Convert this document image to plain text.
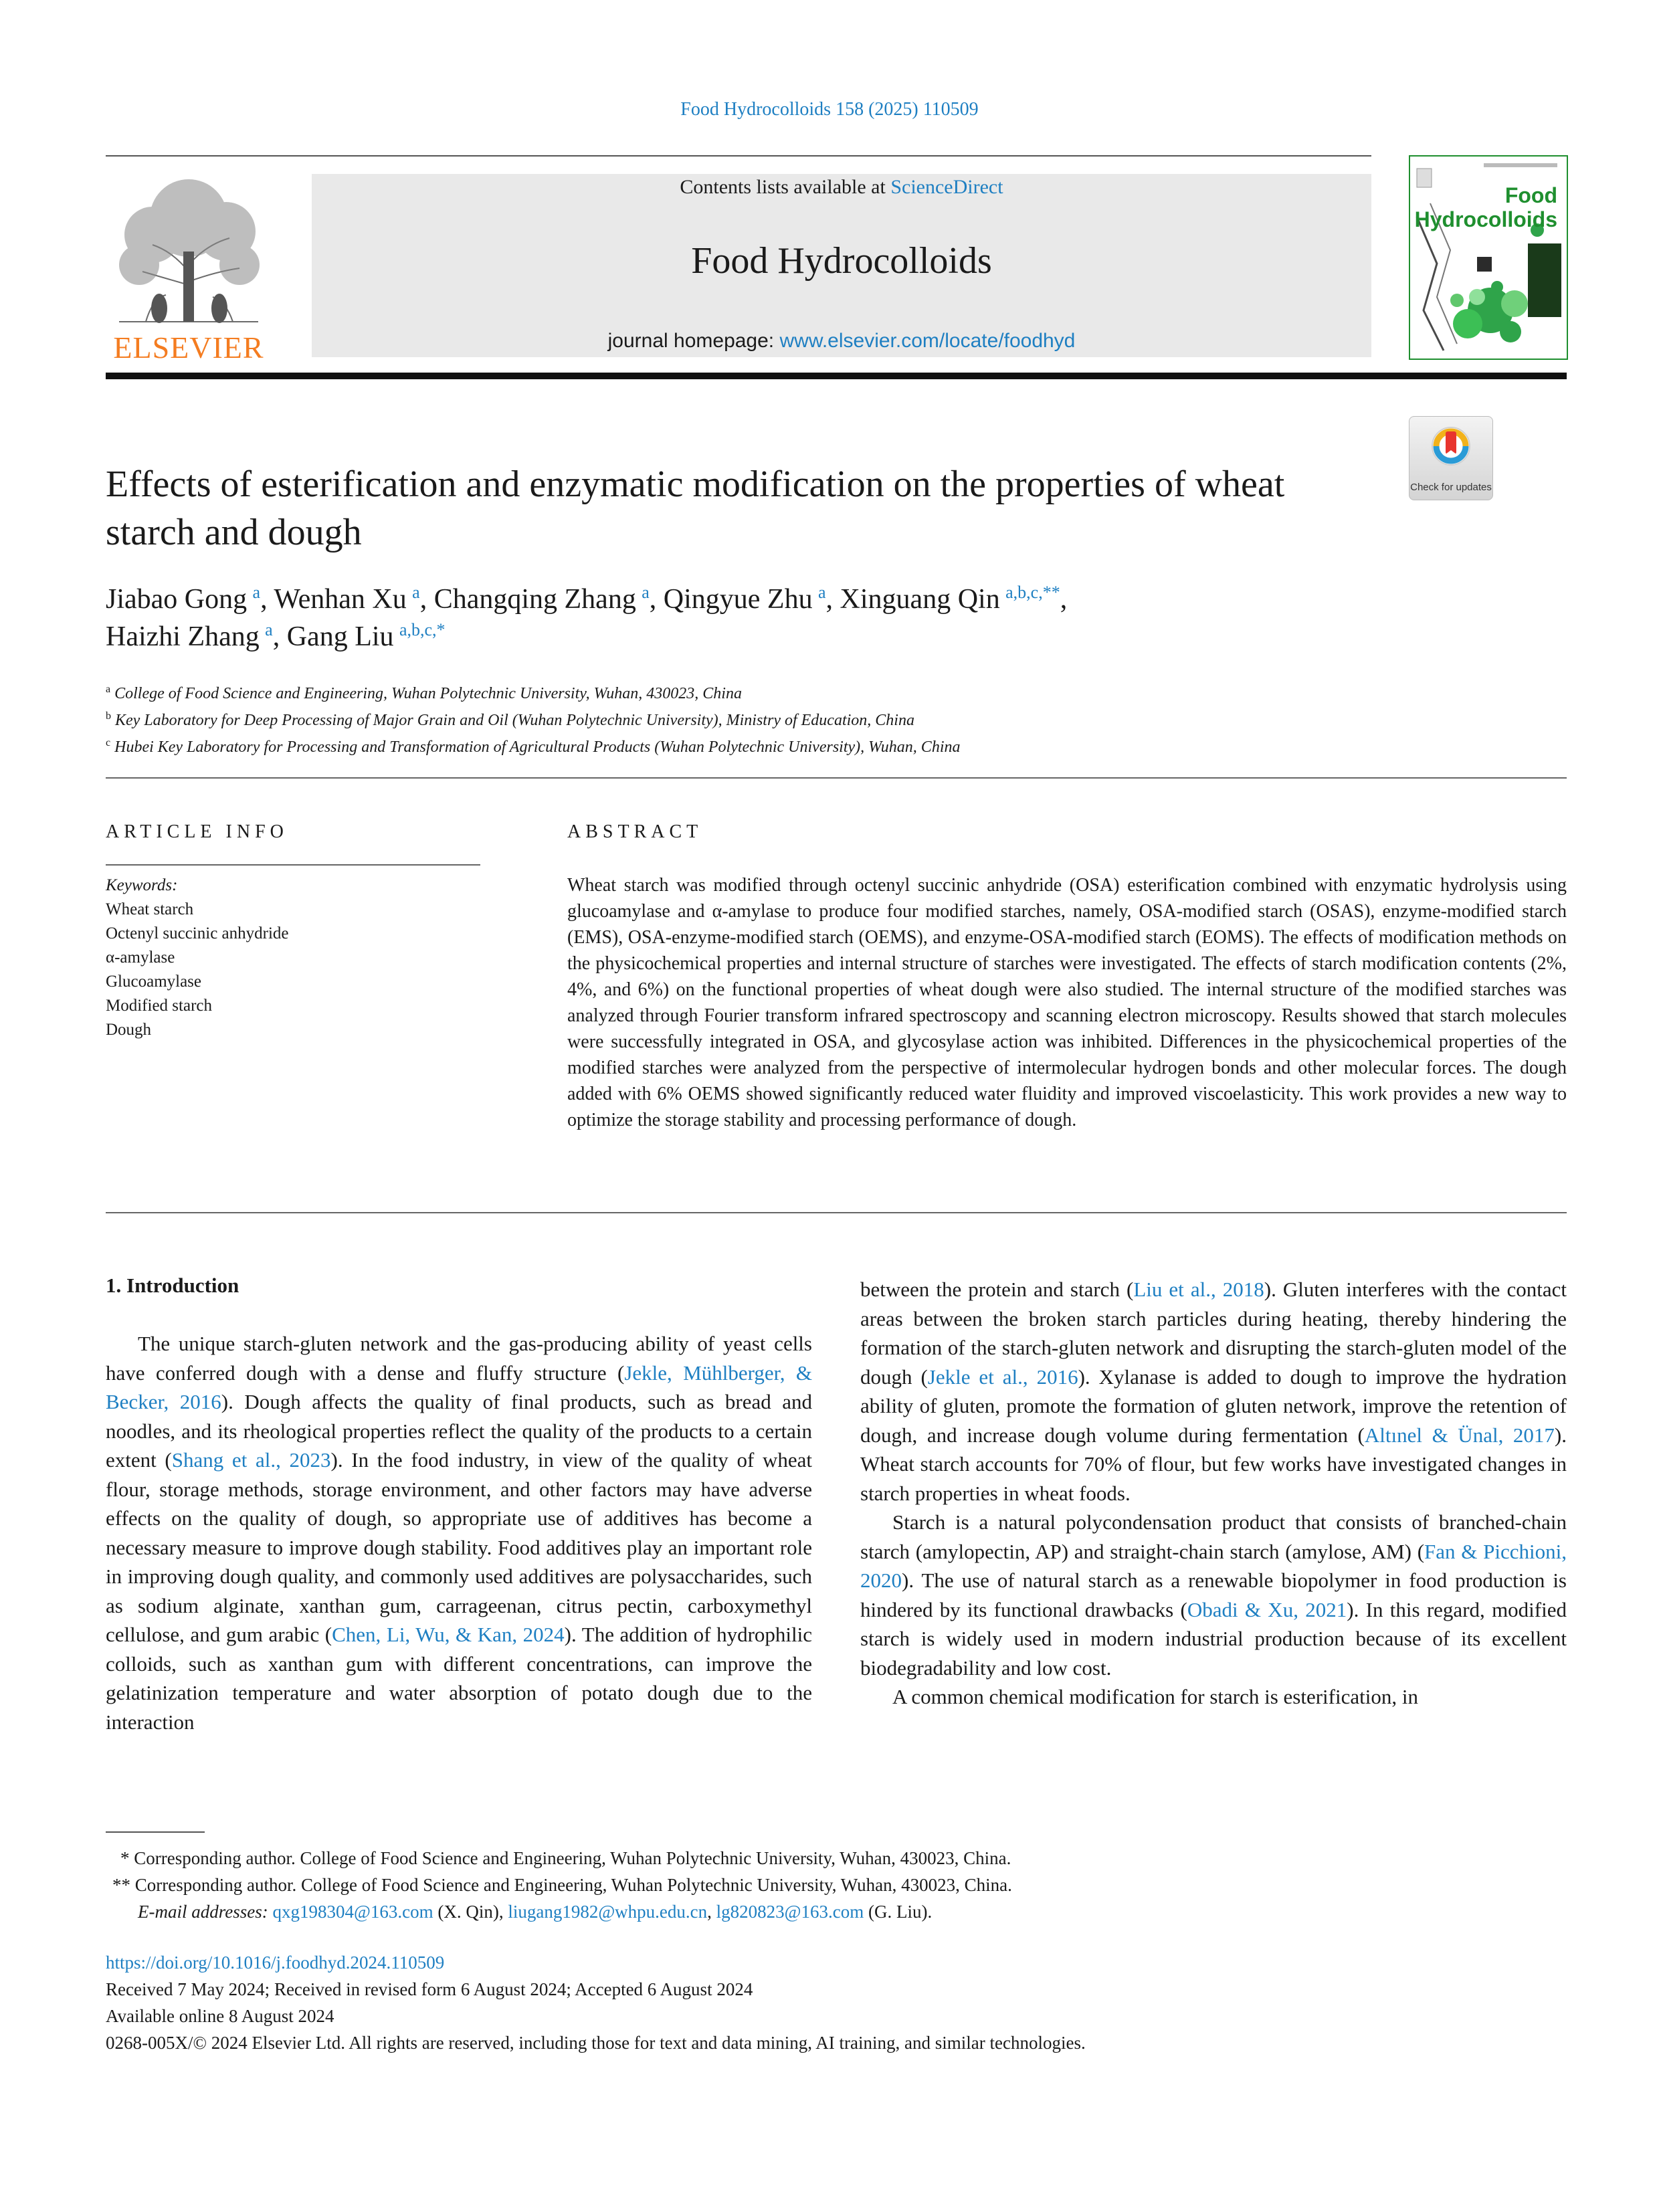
Food Hydrocolloids 158 (2025) 110509
ELSEVIER
Contents lists available at ScienceDirect
Food Hydrocolloids
journal homepage: www.elsevier.com/locate/foodhyd
Food
Hydrocolloids
Check for updates
Effects of esterification and enzymatic modification on the properties of wheat starch and dough
Jiabao Gong $^a$, Wenhan Xu $^a$, Changqing Zhang $^a$, Qingyue Zhu $^a$, Xinguang Qin $^{a,b,c,**}$,
Haizhi Zhang $^a$, Gang Liu $^{a,b,c,*}$
$^a$ College of Food Science and Engineering, Wuhan Polytechnic University, Wuhan, 430023, China
$^b$ Key Laboratory for Deep Processing of Major Grain and Oil (Wuhan Polytechnic University), Ministry of Education, China
$^c$ Hubei Key Laboratory for Processing and Transformation of Agricultural Products (Wuhan Polytechnic University), Wuhan, China
ARTICLE INFO	ABSTRACT
Keywords:
Wheat starch
Octenyl succinic anhydride
α-amylase
Glucoamylase
Modified starch
Dough
Wheat starch was modified through octenyl succinic anhydride (OSA) esterification combined with enzymatic hydrolysis using glucoamylase and α-amylase to produce four modified starches, namely, OSA-modified starch (OSAS), enzyme-modified starch (EMS), OSA-enzyme-modified starch (OEMS), and enzyme-OSA-modified starch (EOMS). The effects of modification methods on the physicochemical properties and internal structure of starches were investigated. The effects of starch modification contents (2%, 4%, and 6%) on the functional properties of wheat dough were also studied. The internal structure of the modified starches was analyzed through Fourier transform infrared spectroscopy and scanning electron microscopy. Results showed that starch molecules were successfully integrated in OSA, and glycosylase action was inhibited. Differences in the physicochemical properties of the modified starches were analyzed from the perspective of intermolecular hydrogen bonds and other molecular forces. The dough added with 6% OEMS showed significantly reduced water fluidity and improved viscoelasticity. This work provides a new way to optimize the storage stability and processing performance of dough.

1. Introduction

The unique starch-gluten network and the gas-producing ability of yeast cells have conferred dough with a dense and fluffy structure (Jekle, Mühlberger, & Becker, 2016). Dough affects the quality of final products, such as bread and noodles, and its rheological properties reflect the quality of the products to a certain extent (Shang et al., 2023). In the food industry, in view of the quality of wheat flour, storage methods, storage environment, and other factors may have adverse effects on the quality of dough, so appropriate use of additives has become a necessary measure to improve dough stability. Food additives play an important role in improving dough quality, and commonly used additives are polysaccharides, such as sodium alginate, xanthan gum, carrageenan, citrus pectin, carboxymethyl cellulose, and gum arabic (Chen, Li, Wu, & Kan, 2024). The addition of hydrophilic colloids, such as xanthan gum with different concentrations, can improve the gelatinization temperature and water absorption of potato dough due to the interaction

between the protein and starch (Liu et al., 2018). Gluten interferes with the contact areas between the broken starch particles during heating, thereby hindering the formation of the starch-gluten network and disrupting the starch-gluten model of the dough (Jekle et al., 2016). Xylanase is added to dough to improve the hydration ability of gluten, promote the formation of gluten network, improve the retention of dough, and increase dough volume during fermentation (Altınel & Ünal, 2017). Wheat starch accounts for 70% of flour, but few works have investigated changes in starch properties in wheat foods.

Starch is a natural polycondensation product that consists of branched-chain starch (amylopectin, AP) and straight-chain starch (amylose, AM) (Fan & Picchioni, 2020). The use of natural starch as a renewable biopolymer in food production is hindered by its functional drawbacks (Obadi & Xu, 2021). In this regard, modified starch is widely used in modern industrial production because of its excellent biodegradability and low cost.

A common chemical modification for starch is esterification, in

* Corresponding author. College of Food Science and Engineering, Wuhan Polytechnic University, Wuhan, 430023, China.

** Corresponding author. College of Food Science and Engineering, Wuhan Polytechnic University, Wuhan, 430023, China.

E-mail addresses: qxg198304@163.com (X. Qin), liugang1982@whpu.edu.cn, lg820823@163.com (G. Liu).

https://doi.org/10.1016/j.foodhyd.2024.110509

Received 7 May 2024; Received in revised form 6 August 2024; Accepted 6 August 2024

Available online 8 August 2024

0268-005X/© 2024 Elsevier Ltd. All rights are reserved, including those for text and data mining, AI training, and similar technologies.
